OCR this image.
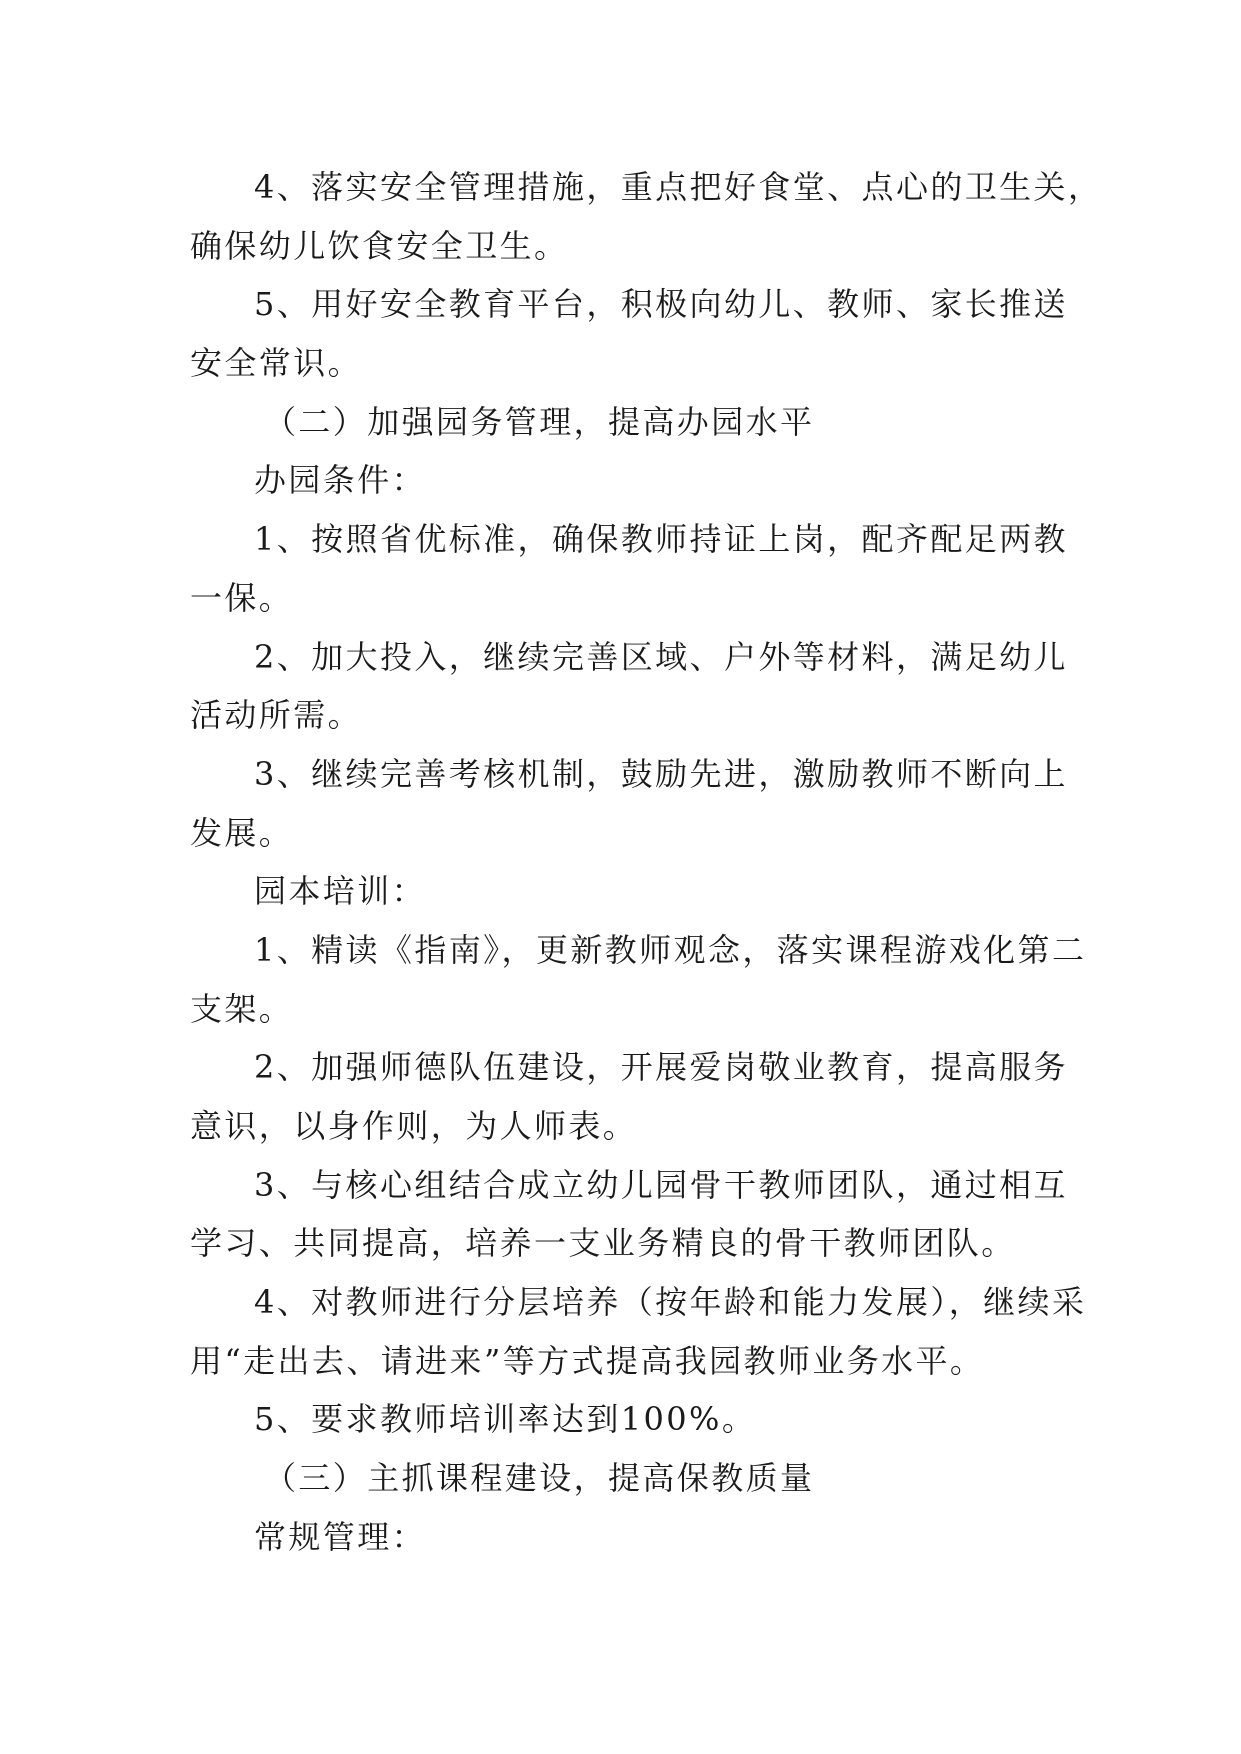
4、落实安全管理措施，重点把好食堂、点心的卫生关，
确保幼儿饮食安全卫生。
5、用好安全教育平台，积极向幼儿、教师、家长推送
安全常识。
（二）加强园务管理，提高办园水平
办园条件：
1、按照省优标准，确保教师持证上岗，配齐配足两教
一保。
2、加大投入，继续完善区域、户外等材料，满足幼儿
活动所需。
3、继续完善考核机制，鼓励先进，激励教师不断向上
发展。
园本培训：
1、精读《指南》，更新教师观念，落实课程游戏化第二
支架。
2、加强师德队伍建设，开展爱岗敬业教育，提高服务
意识，以身作则，为人师表。
3、与核心组结合成立幼儿园骨干教师团队，通过相互
学习、共同提高，培养一支业务精良的骨干教师团队。
4、对教师进行分层培养（按年龄和能力发展），继续采
用“走出去、请进来”等方式提高我园教师业务水平。
5、要求教师培训率达到100%。
（三）主抓课程建设，提高保教质量
常规管理：
